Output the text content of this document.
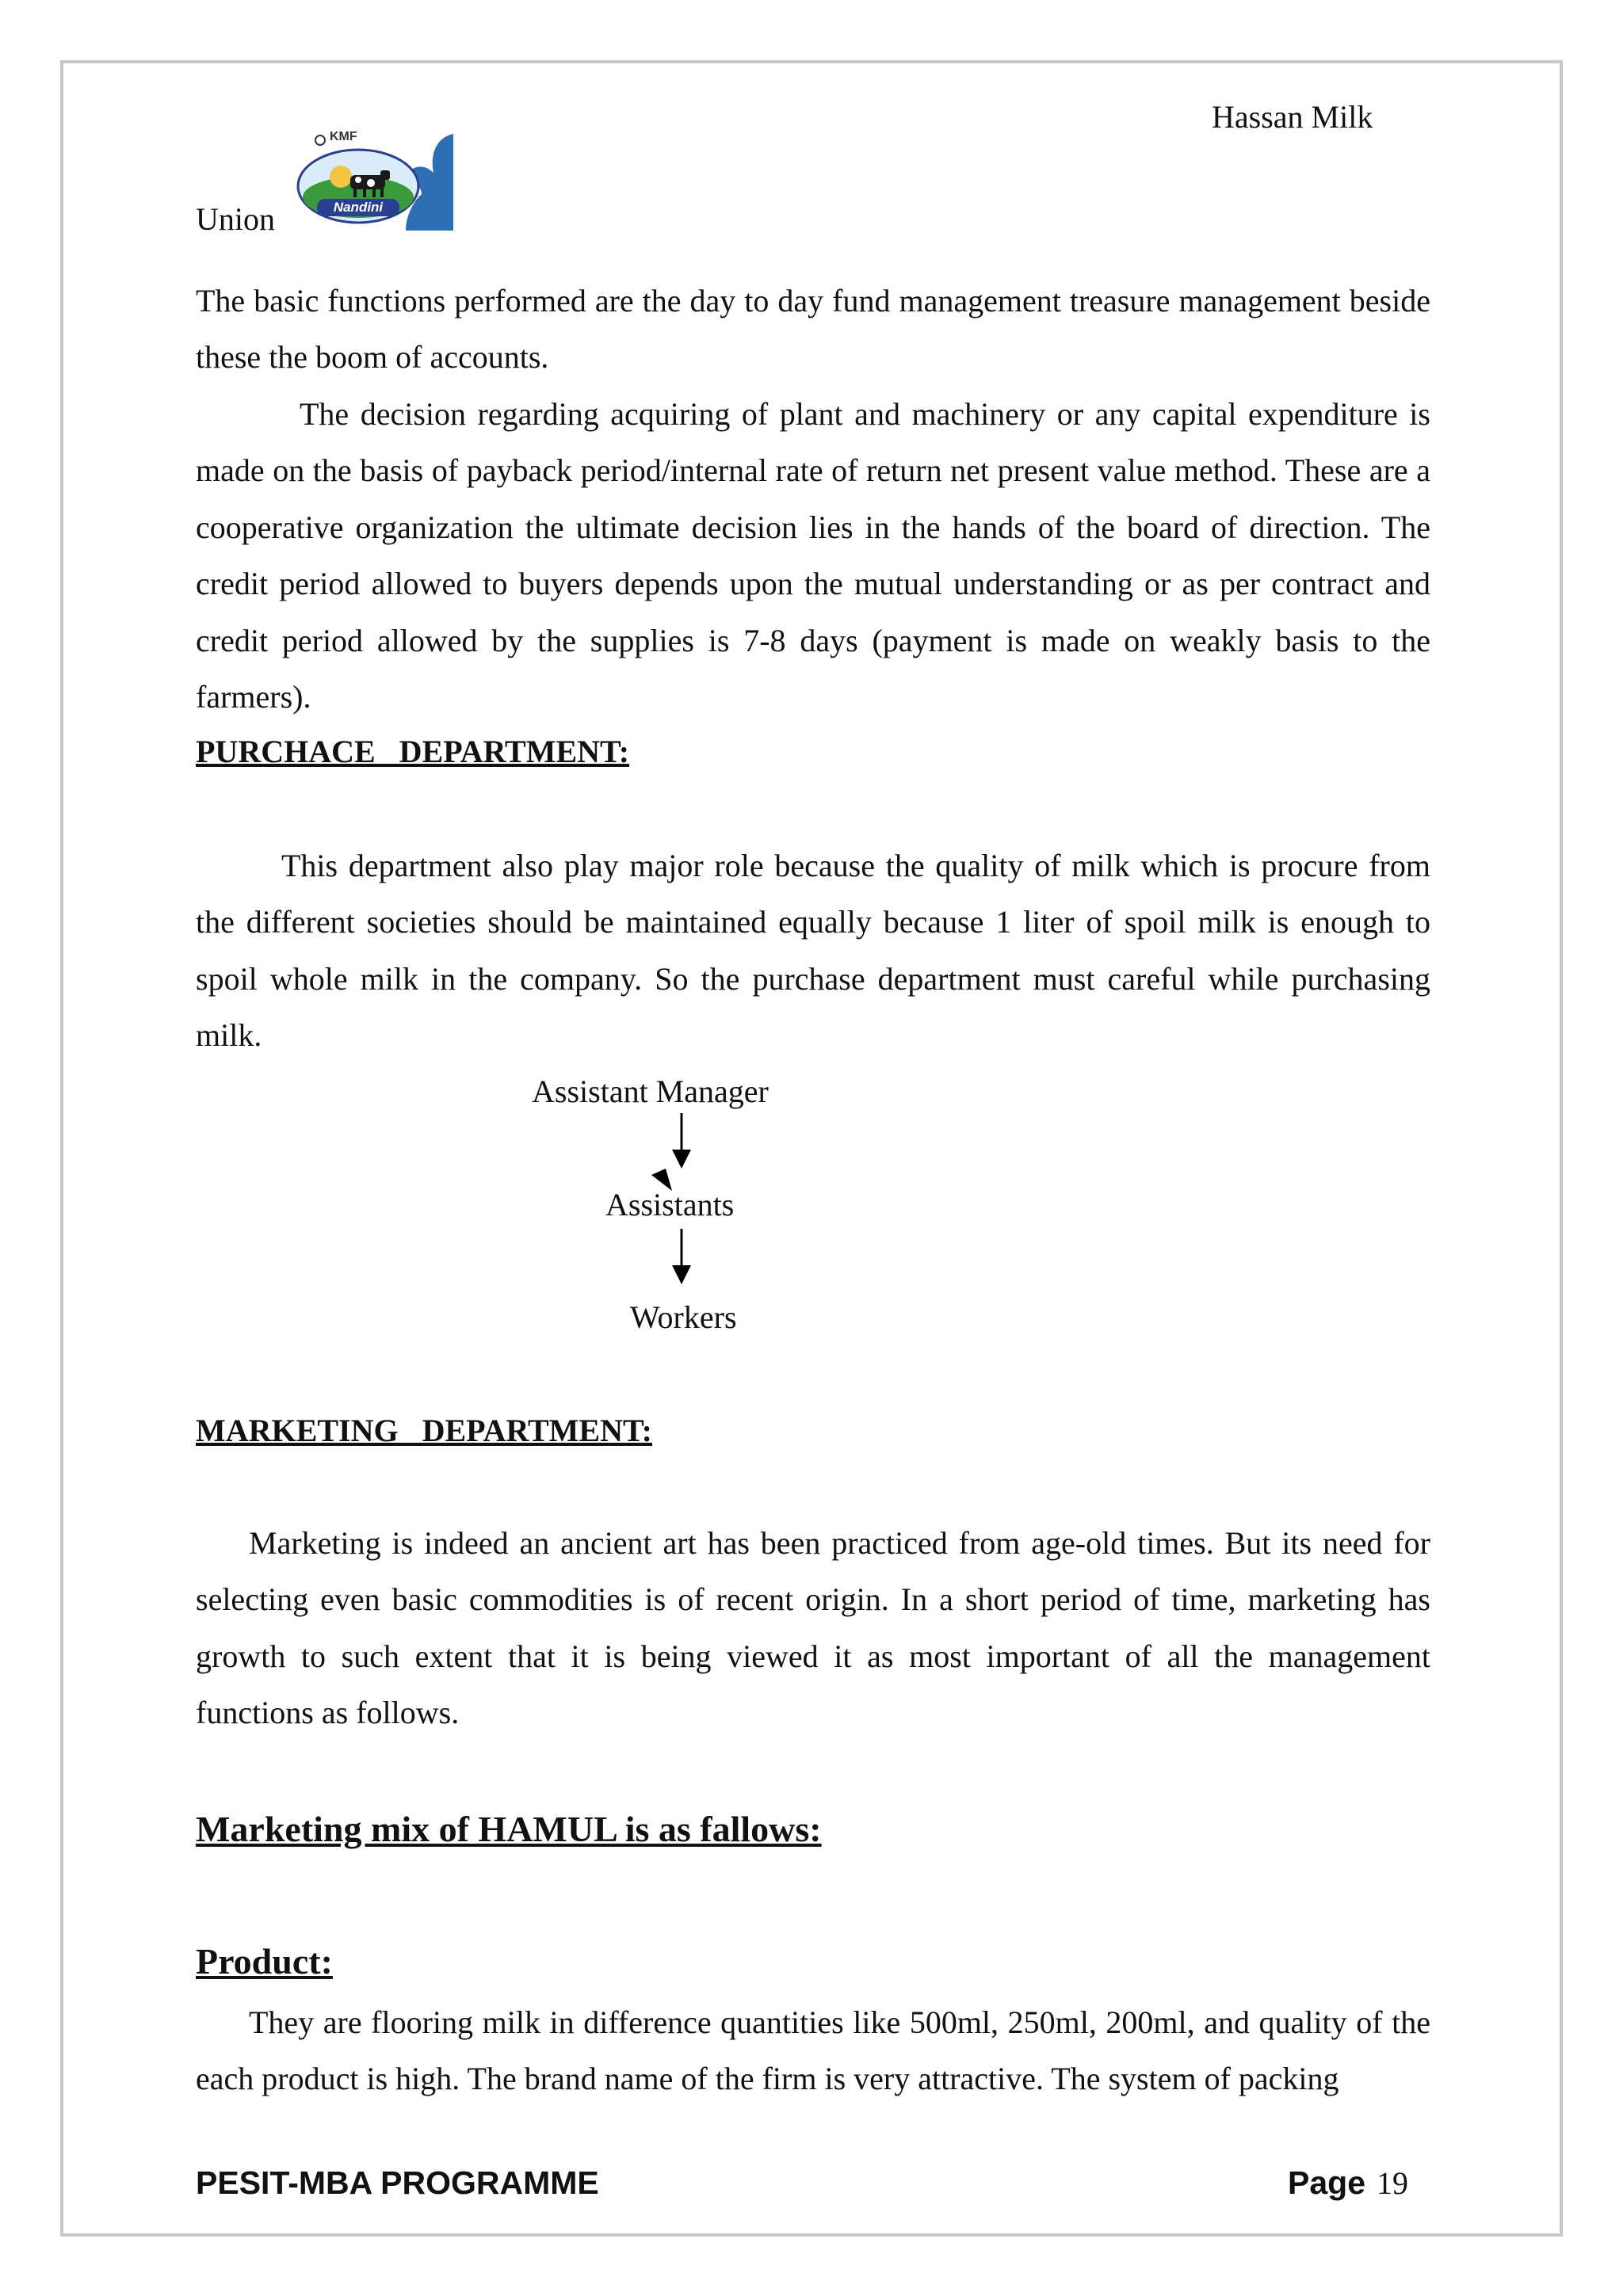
Hassan Milk
KMF
Nandini
Union

The basic functions performed are the day to day fund management treasure management beside these the boom of accounts.

The decision regarding acquiring of plant and machinery or any capital expenditure is made on the basis of payback period/internal rate of return net present value method. These are a cooperative organization the ultimate decision lies in the hands of the board of direction. The credit period allowed to buyers depends upon the mutual understanding or as per contract and credit period allowed by the supplies is 7-8 days (payment is made on weakly basis to the farmers).

PURCHACE   DEPARTMENT:

This department also play major role because the quality of milk which is procure from the different societies should be maintained equally because 1 liter of spoil milk is enough to spoil whole milk in the company. So the purchase department must careful while purchasing milk.

Assistant Manager
Assistants
Workers
MARKETING   DEPARTMENT:

Marketing is indeed an ancient art has been practiced from age-old times. But its need for selecting even basic commodities is of recent origin. In a short period of time, marketing has growth to such extent that it is being viewed it as most important of all the management functions as follows.

Marketing mix of HAMUL is as fallows:
Product:

They are flooring milk in difference quantities like 500ml, 250ml, 200ml, and quality of the each product is high. The brand name of the firm is very attractive. The system of packing

PESIT-MBA PROGRAMME	Page 19
